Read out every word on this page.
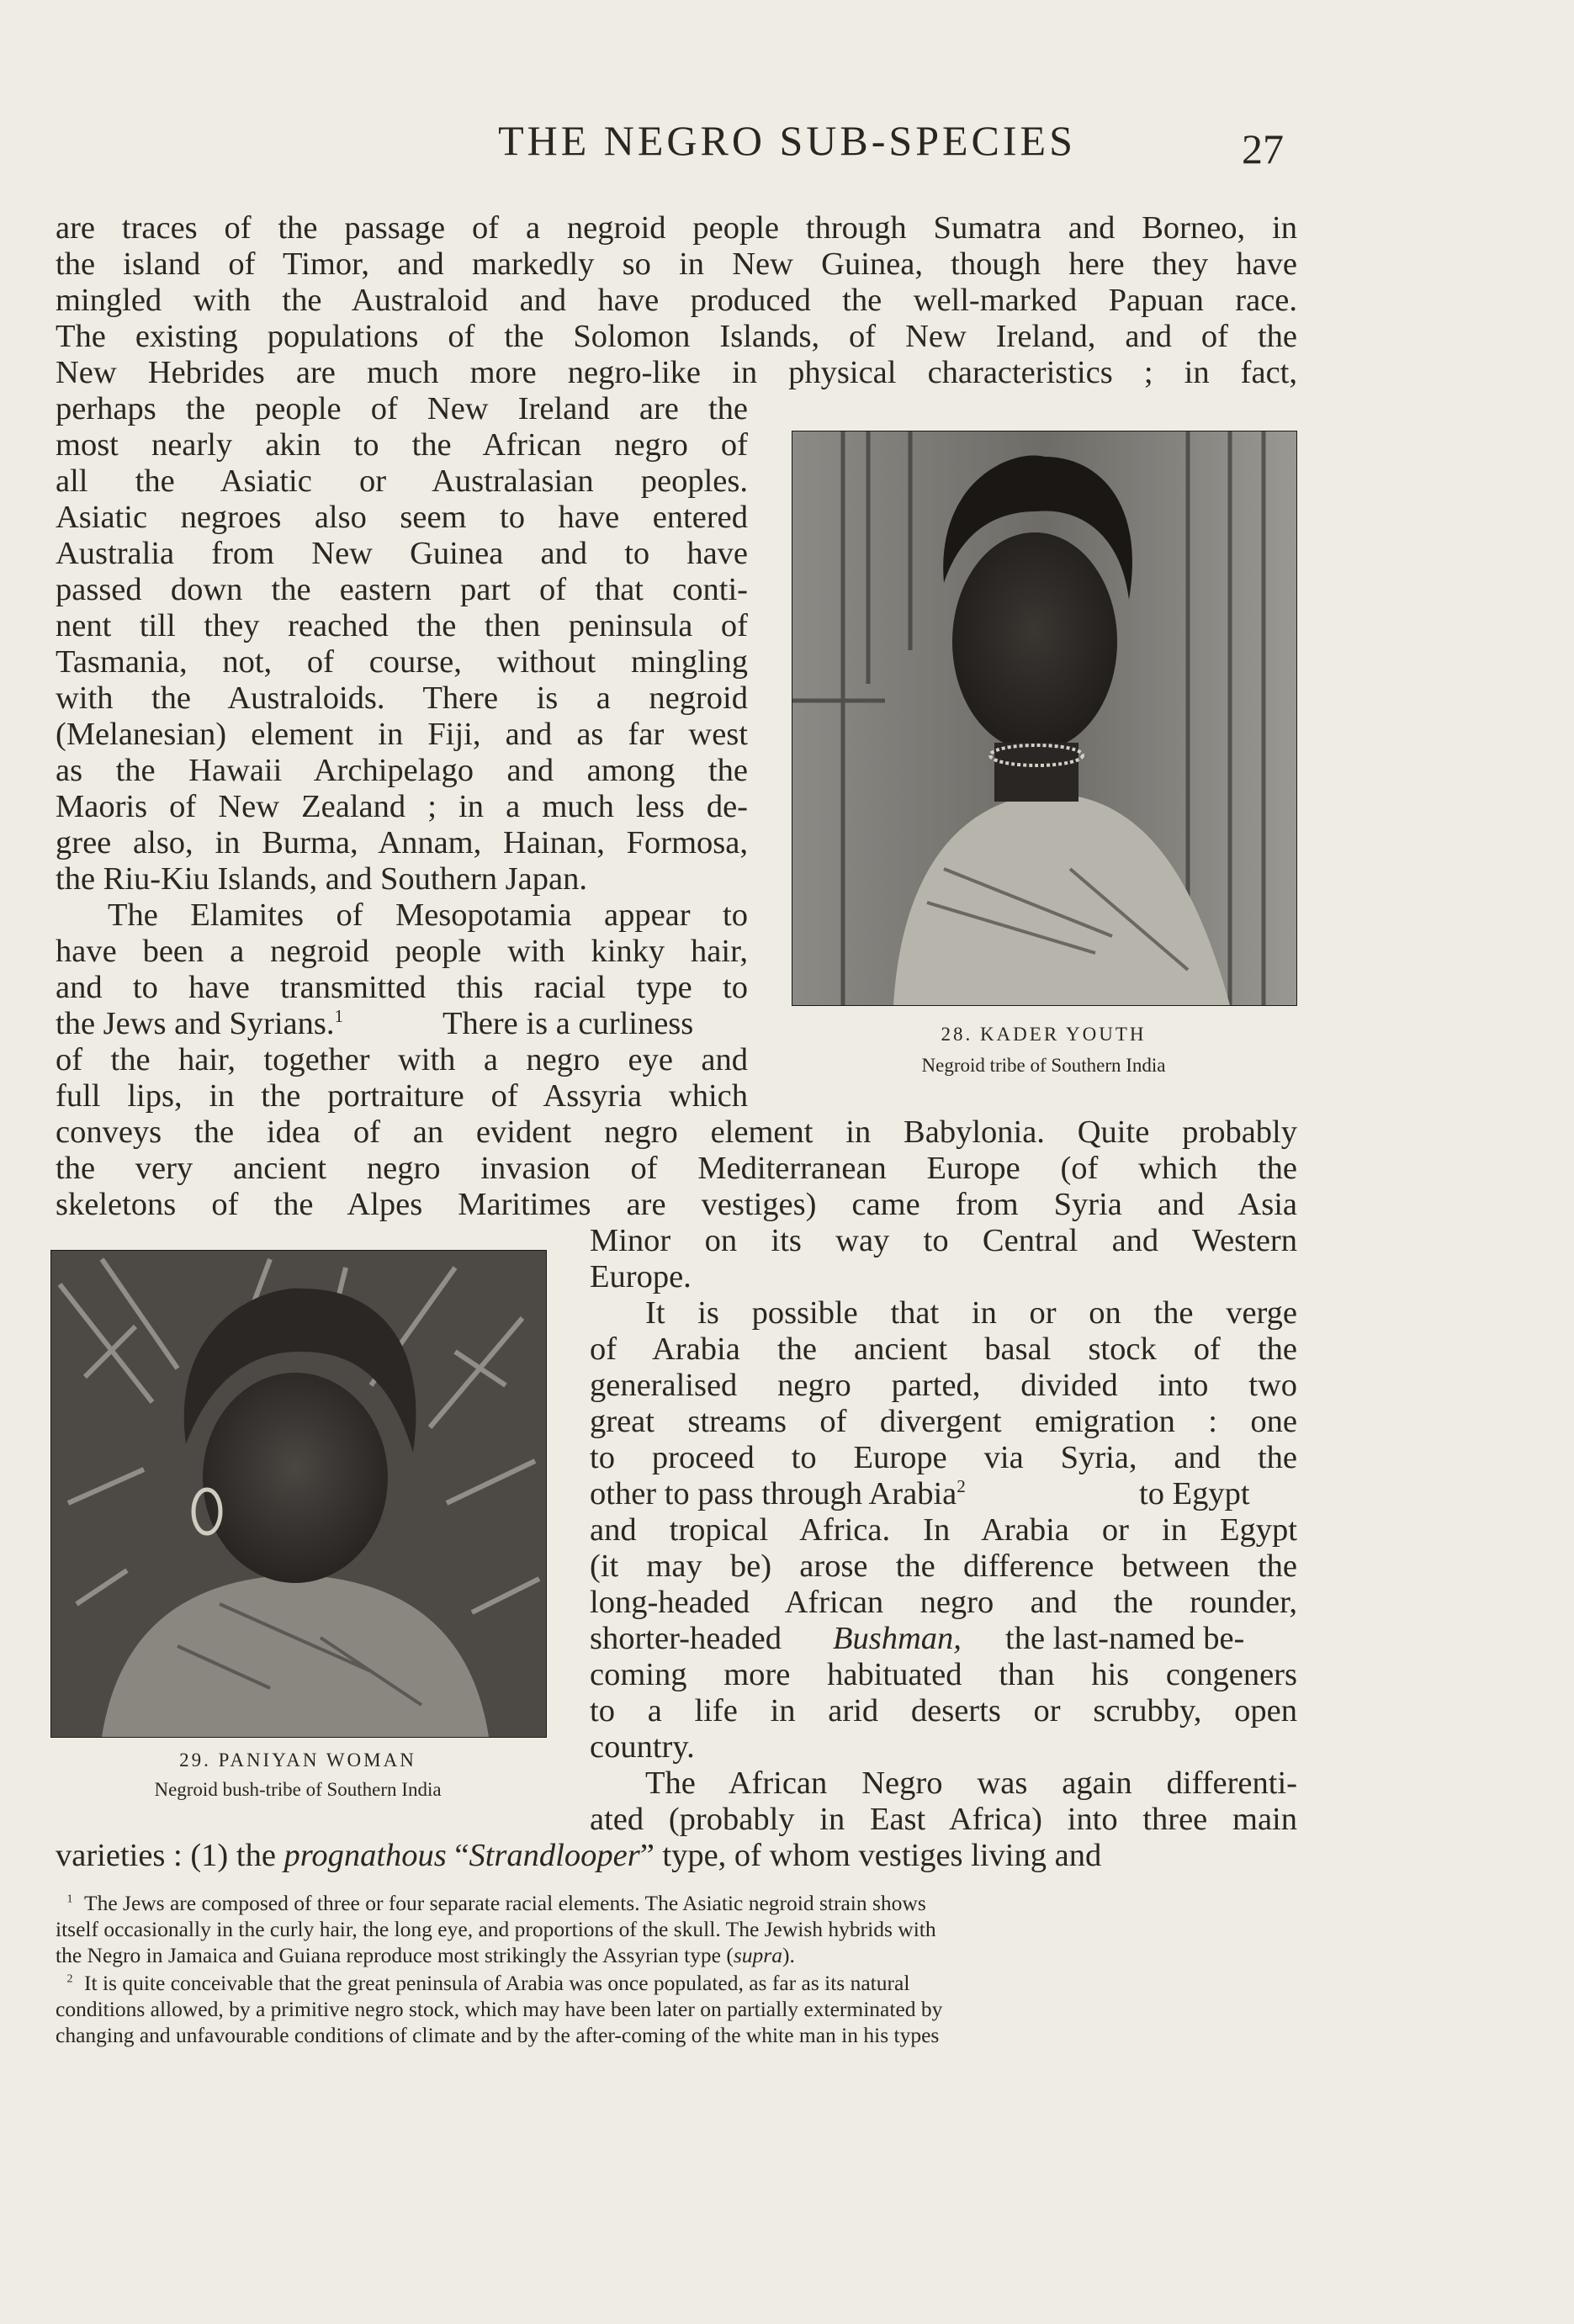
THE NEGRO SUB-SPECIES	27
are traces of the passage of a negroid people through Sumatra and Borneo, in
the island of Timor, and markedly so in New Guinea, though here they have
mingled with the Australoid and have produced the well-marked Papuan race.
The existing populations of the Solomon Islands, of New Ireland, and of the
New Hebrides are much more negro-like in physical characteristics ; in fact,
perhaps the people of New Ireland are the
most nearly akin to the African negro of
all the Asiatic or Australasian peoples.
Asiatic negroes also seem to have entered
Australia from New Guinea and to have
passed down the eastern part of that conti-
nent till they reached the then peninsula of
Tasmania, not, of course, without mingling
with the Australoids. There is a negroid
(Melanesian) element in Fiji, and as far west
as the Hawaii Archipelago and among the
Maoris of New Zealand ; in a much less de-
gree also, in Burma, Annam, Hainan, Formosa,
the Riu-Kiu Islands, and Southern Japan.
The Elamites of Mesopotamia appear to
have been a negroid people with kinky hair,
and to have transmitted this racial type to
the Jews and Syrians.$^1$	There is a curliness
of the hair, together with a negro eye and
full lips, in the portraiture of Assyria which
conveys the idea of an evident negro element in Babylonia. Quite probably
the very ancient negro invasion of Mediterranean Europe (of which the
skeletons of the Alpes Maritimes are vestiges) came from Syria and Asia
Minor on its way to Central and Western
Europe.
It is possible that in or on the verge
of Arabia the ancient basal stock of the
generalised negro parted, divided into two
great streams of divergent emigration : one
to proceed to Europe via Syria, and the
other to pass through Arabia$^2$	to Egypt
and tropical Africa. In Arabia or in Egypt
(it may be) arose the difference between the
long-headed African negro and the rounder,
shorter-headed Bushman, the last-named be-
coming more habituated than his congeners
to a life in arid deserts or scrubby, open
country.
The African Negro was again differenti-
ated (probably in East Africa) into three main
varieties : (1) the prognathous “Strandlooper” type, of whom vestiges living and
28. KADER YOUTH
Negroid tribe of Southern India
29. PANIYAN WOMAN
Negroid bush-tribe of Southern India
$^1$ The Jews are composed of three or four separate racial elements. The Asiatic negroid strain shows
itself occasionally in the curly hair, the long eye, and proportions of the skull. The Jewish hybrids with
the Negro in Jamaica and Guiana reproduce most strikingly the Assyrian type (supra).
$^2$ It is quite conceivable that the great peninsula of Arabia was once populated, as far as its natural
conditions allowed, by a primitive negro stock, which may have been later on partially exterminated by
changing and unfavourable conditions of climate and by the after-coming of the white man in his types
